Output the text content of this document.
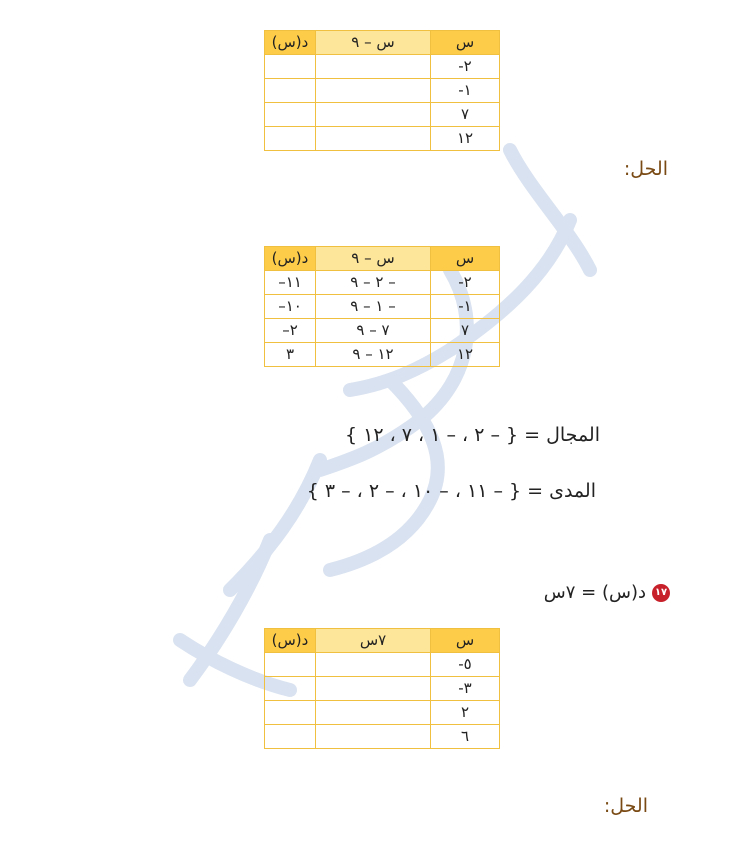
س	س – ٩	د(س)
٢-		
١-		
٧		
١٢		
الحل:
س	س – ٩	د(س)
٢-	– ٢ – ٩	١١–
١-	– ١ – ٩	١٠–
٧	٧ – ٩	٢–
١٢	١٢ – ٩	٣
المجال = { – ٢ ، – ١ ، ٧ ، ١٢ }
المدى = { – ١١ ، – ١٠ ، – ٢ ، – ٣ }
١٧
د(س) = ٧س
س	٧س	د(س)
٥-		
٣-		
٢		
٦		
الحل:
